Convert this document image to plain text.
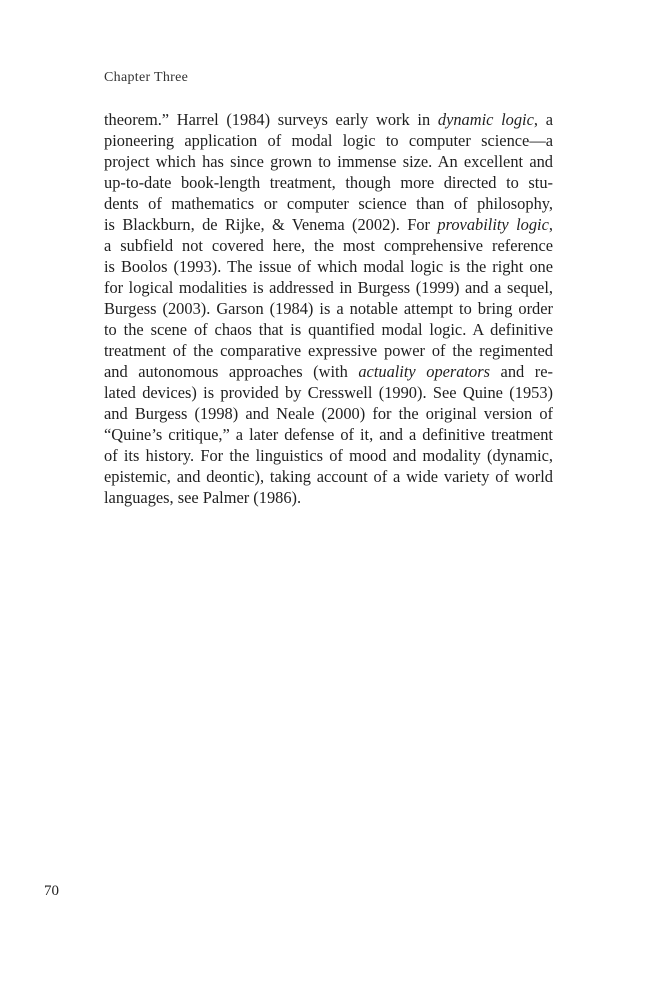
Chapter Three
theorem.” Harrel (1984) surveys early work in dynamic logic, a
pioneering application of modal logic to computer science—a
project which has since grown to immense size. An excellent and
up-to-date book-length treatment, though more directed to stu-
dents of mathematics or computer science than of philosophy,
is Blackburn, de Rijke, & Venema (2002). For provability logic,
a subfield not covered here, the most comprehensive reference
is Boolos (1993). The issue of which modal logic is the right one
for logical modalities is addressed in Burgess (1999) and a sequel,
Burgess (2003). Garson (1984) is a notable attempt to bring order
to the scene of chaos that is quantified modal logic. A definitive
treatment of the comparative expressive power of the regimented
and autonomous approaches (with actuality operators and re-
lated devices) is provided by Cresswell (1990). See Quine (1953)
and Burgess (1998) and Neale (2000) for the original version of
“Quine’s critique,” a later defense of it, and a definitive treatment
of its history. For the linguistics of mood and modality (dynamic,
epistemic, and deontic), taking account of a wide variety of world
languages, see Palmer (1986).
70
